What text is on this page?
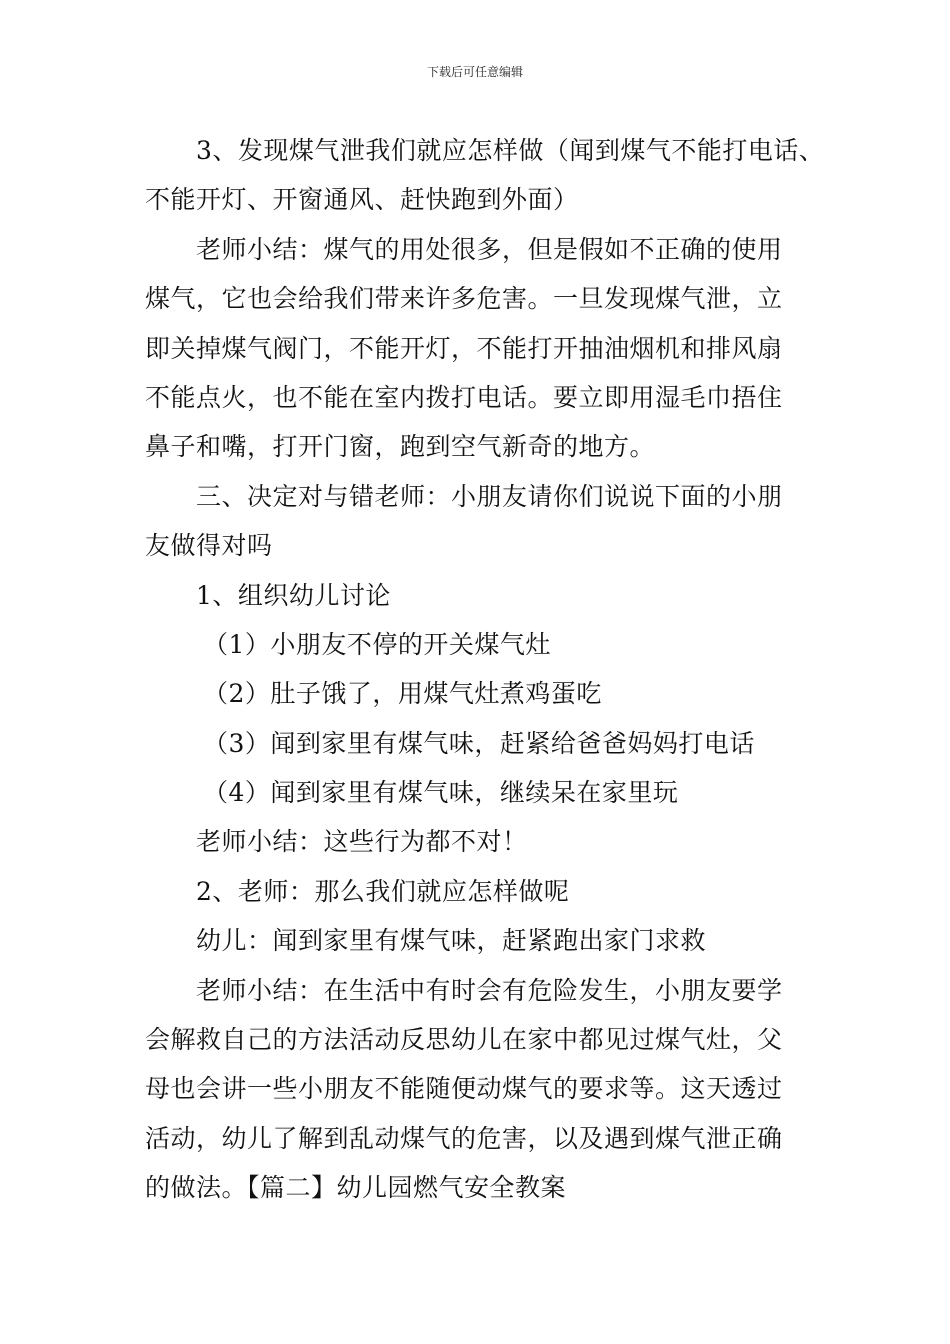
下载后可任意编辑
3、发现煤气泄我们就应怎样做（闻到煤气不能打电话、
不能开灯、开窗通风、赶快跑到外面）
老师小结：煤气的用处很多，但是假如不正确的使用
煤气，它也会给我们带来许多危害。一旦发现煤气泄，立
即关掉煤气阀门，不能开灯，不能打开抽油烟机和排风扇
不能点火，也不能在室内拨打电话。要立即用湿毛巾捂住
鼻子和嘴，打开门窗，跑到空气新奇的地方。
三、决定对与错老师：小朋友请你们说说下面的小朋
友做得对吗
1、组织幼儿讨论
（1）小朋友不停的开关煤气灶
（2）肚子饿了，用煤气灶煮鸡蛋吃
（3）闻到家里有煤气味，赶紧给爸爸妈妈打电话
（4）闻到家里有煤气味，继续呆在家里玩
老师小结：这些行为都不对！
2、老师：那么我们就应怎样做呢
幼儿：闻到家里有煤气味，赶紧跑出家门求救
老师小结：在生活中有时会有危险发生，小朋友要学
会解救自己的方法活动反思幼儿在家中都见过煤气灶，父
母也会讲一些小朋友不能随便动煤气的要求等。这天透过
活动，幼儿了解到乱动煤气的危害，以及遇到煤气泄正确
的做法。【篇二】幼儿园燃气安全教案
